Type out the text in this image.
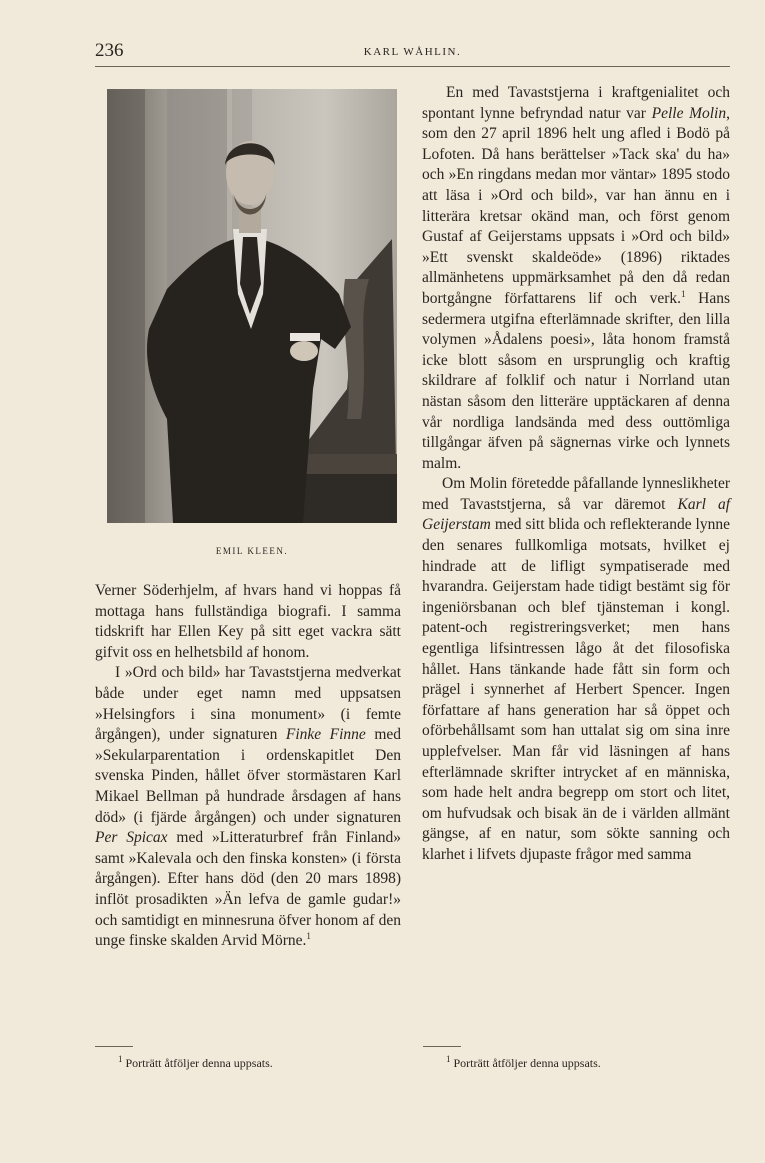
236	KARL WÅHLIN.
EMIL KLEEN.

Verner Söderhjelm, af hvars hand vi hoppas få mottaga hans fullständiga biografi. I samma tidskrift har Ellen Key på sitt eget vackra sätt gifvit oss en helhetsbild af honom.

I »Ord och bild» har Tavaststjerna medverkat både under eget namn med uppsatsen »Helsingfors i sina monument» (i femte årgången), under signaturen Finke Finne med »Sekularparentation i ordenskapitlet Den svenska Pinden, hållet öfver stormästaren Karl Mikael Bellman på hundrade årsdagen af hans död» (i fjärde årgången) och under signaturen Per Spicax med »Litteraturbref från Finland» samt »Kalevala och den finska konsten» (i första årgången). Efter hans död (den 20 mars 1898) inflöt prosadikten »Än lefva de gamle gudar!» och samtidigt en minnesruna öfver honom af den unge finske skalden Arvid Mörne.$^1$

En med Tavaststjerna i kraftgenialitet och spontant lynne befryndad natur var Pelle Molin, som den 27 april 1896 helt ung afled i Bodö på Lofoten. Då hans berättelser »Tack ska' du ha» och »En ringdans medan mor väntar» 1895 stodo att läsa i »Ord och bild», var han ännu en i litterära kretsar okänd man, och först genom Gustaf af Geijerstams uppsats i »Ord och bild» »Ett svenskt skaldeöde» (1896) riktades allmänhetens uppmärksamhet på den då redan bortgångne författarens lif och verk.$^1$ Hans sedermera utgifna efterlämnade skrifter, den lilla volymen »Ådalens poesi», låta honom framstå icke blott såsom en ursprunglig och kraftig skildrare af folklif och natur i Norrland utan nästan såsom den litteräre upptäckaren af denna vår nordliga landsända med dess outtömliga tillgångar äfven på sägnernas virke och lynnets malm.

Om Molin företedde påfallande lynneslikheter med Tavaststjerna, så var däremot Karl af Geijerstam med sitt blida och reflekterande lynne den senares fullkomliga motsats, hvilket ej hindrade att de lifligt sympatiserade med hvarandra. Geijerstam hade tidigt bestämt sig för ingeniörsbanan och blef tjänsteman i kongl. patent-och registreringsverket; men hans egentliga lifsintressen lågo åt det filosofiska hållet. Hans tänkande hade fått sin form och prägel i synnerhet af Herbert Spencer. Ingen författare af hans generation har så öppet och oförbehållsamt som han uttalat sig om sina inre upplefvelser. Man får vid läsningen af hans efterlämnade skrifter intrycket af en människa, som hade helt andra begrepp om stort och litet, om hufvudsak och bisak än de i världen allmänt gängse, af en natur, som sökte sanning och klarhet i lifvets djupaste frågor med samma

$^1$ Porträtt åtföljer denna uppsats.	$^1$ Porträtt åtföljer denna uppsats.
